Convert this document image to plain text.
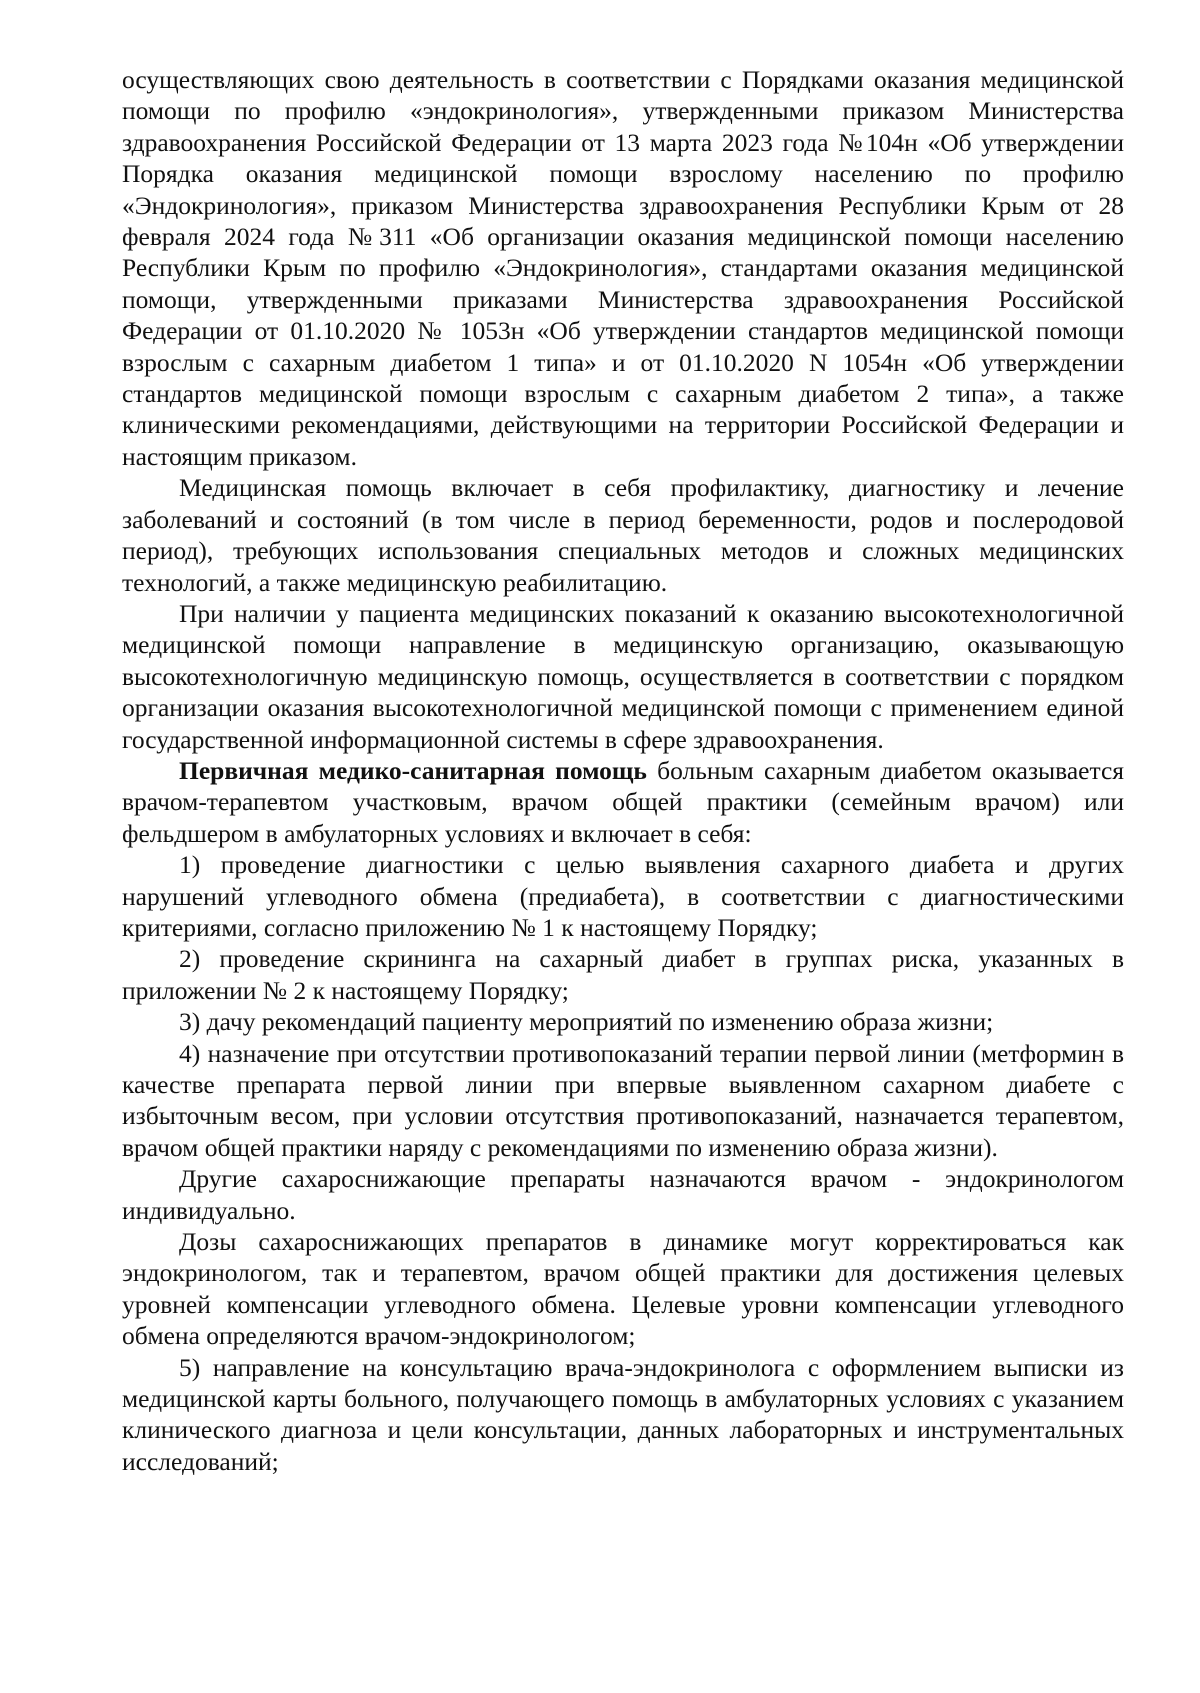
осуществляющих свою деятельность в соответствии с Порядками оказания медицинской помощи по профилю «эндокринология», утвержденными приказом Министерства здравоохранения Российской Федерации от 13 марта 2023 года №104н «Об утверждении Порядка оказания медицинской помощи взрослому населению по профилю «Эндокринология», приказом Министерства здравоохранения Республики Крым от 28 февраля 2024 года №311 «Об организации оказания медицинской помощи населению Республики Крым по профилю «Эндокринология», стандартами оказания медицинской помощи, утвержденными приказами Министерства здравоохранения Российской Федерации от 01.10.2020 № 1053н «Об утверждении стандартов медицинской помощи взрослым с сахарным диабетом 1 типа» и от 01.10.2020 N 1054н «Об утверждении стандартов медицинской помощи взрослым с сахарным диабетом 2 типа», а также клиническими рекомендациями, действующими на территории Российской Федерации и настоящим приказом.

Медицинская помощь включает в себя профилактику, диагностику и лечение заболеваний и состояний (в том числе в период беременности, родов и послеродовой период), требующих использования специальных методов и сложных медицинских технологий, а также медицинскую реабилитацию.

При наличии у пациента медицинских показаний к оказанию высокотехнологичной медицинской помощи направление в медицинскую организацию, оказывающую высокотехнологичную медицинскую помощь, осуществляется в соответствии с порядком организации оказания высокотехнологичной медицинской помощи с применением единой государственной информационной системы в сфере здравоохранения.

Первичная медико-санитарная помощь больным сахарным диабетом оказывается врачом-терапевтом участковым, врачом общей практики (семейным врачом) или фельдшером в амбулаторных условиях и включает в себя:

1) проведение диагностики с целью выявления сахарного диабета и других нарушений углеводного обмена (предиабета), в соответствии с диагностическими критериями, согласно приложению № 1 к настоящему Порядку;

2) проведение скрининга на сахарный диабет в группах риска, указанных в приложении № 2 к настоящему Порядку;

3) дачу рекомендаций пациенту мероприятий по изменению образа жизни;

4) назначение при отсутствии противопоказаний терапии первой линии (метформин в качестве препарата первой линии при впервые выявленном сахарном диабете с избыточным весом, при условии отсутствия противопоказаний, назначается терапевтом, врачом общей практики наряду с рекомендациями по изменению образа жизни).

Другие сахароснижающие препараты назначаются врачом - эндокринологом индивидуально.

Дозы сахароснижающих препаратов в динамике могут корректироваться как эндокринологом, так и терапевтом, врачом общей практики для достижения целевых уровней компенсации углеводного обмена. Целевые уровни компенсации углеводного обмена определяются врачом-эндокринологом;

5) направление на консультацию врача-эндокринолога с оформлением выписки из медицинской карты больного, получающего помощь в амбулаторных условиях с указанием клинического диагноза и цели консультации, данных лабораторных и инструментальных исследований;
